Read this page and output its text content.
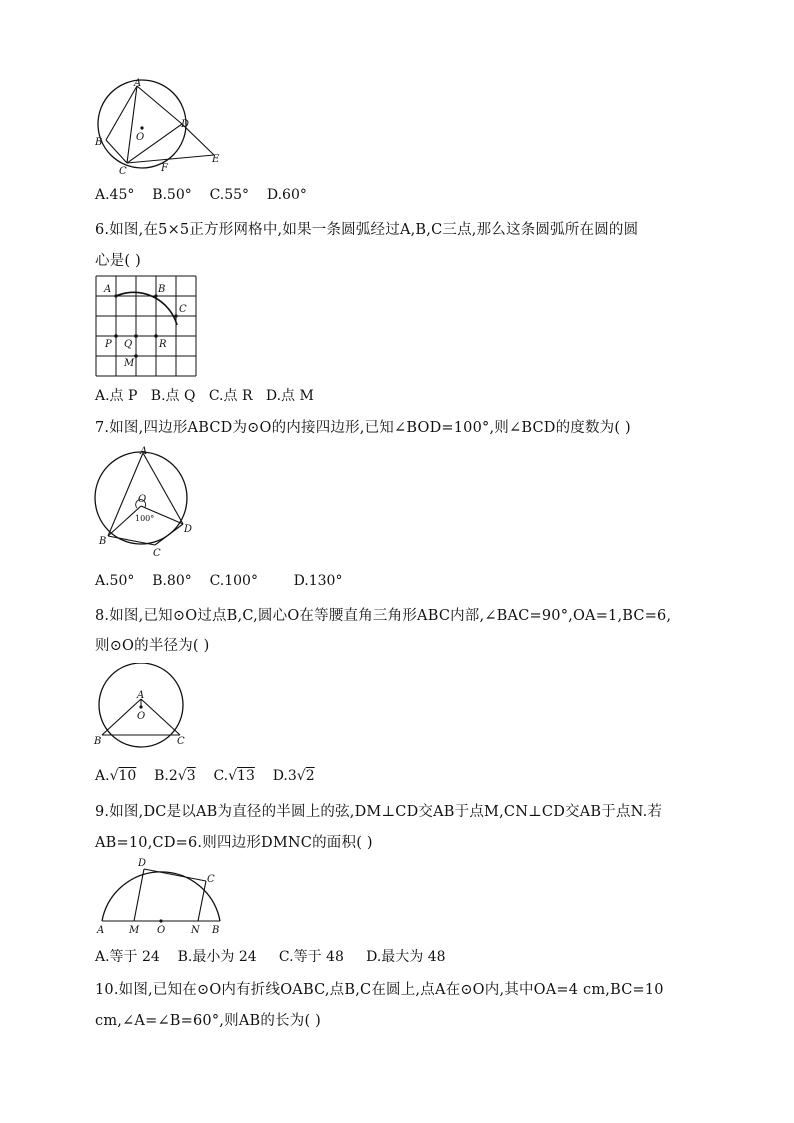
A
B
C
D
E
F
O
A.45° B.50° C.55° D.60°
6.如图,在5×5正方形网格中,如果一条圆弧经过A,B,C三点,那么这条圆弧所在圆的圆
心是( )
A	B
C
P Q	R
M
A.点 P B.点 Q C.点 R D.点 M
7.如图,四边形ABCD为⊙O的内接四边形,已知∠BOD=100°,则∠BCD的度数为( )
A
B
C
D
O
100°
A.50° B.80° C.100°	D.130°
8.如图,已知⊙O过点B,C,圆心O在等腰直角三角形ABC内部,∠BAC=90°,OA=1,BC=6,
则⊙O的半径为( )
A
B	C
O
A.√10 B.2√3 C.√13 D.3√2
9.如图,DC是以AB为直径的半圆上的弦,DM⊥CD交AB于点M,CN⊥CD交AB于点N.若
AB=10,CD=6.则四边形DMNC的面积( )
A	B
C
D
M	N
O
A.等于 24 B.最小为 24 C.等于 48 D.最大为 48
10.如图,已知在⊙O内有折线OABC,点B,C在圆上,点A在⊙O内,其中OA=4 cm,BC=10
cm,∠A=∠B=60°,则AB的长为( )
